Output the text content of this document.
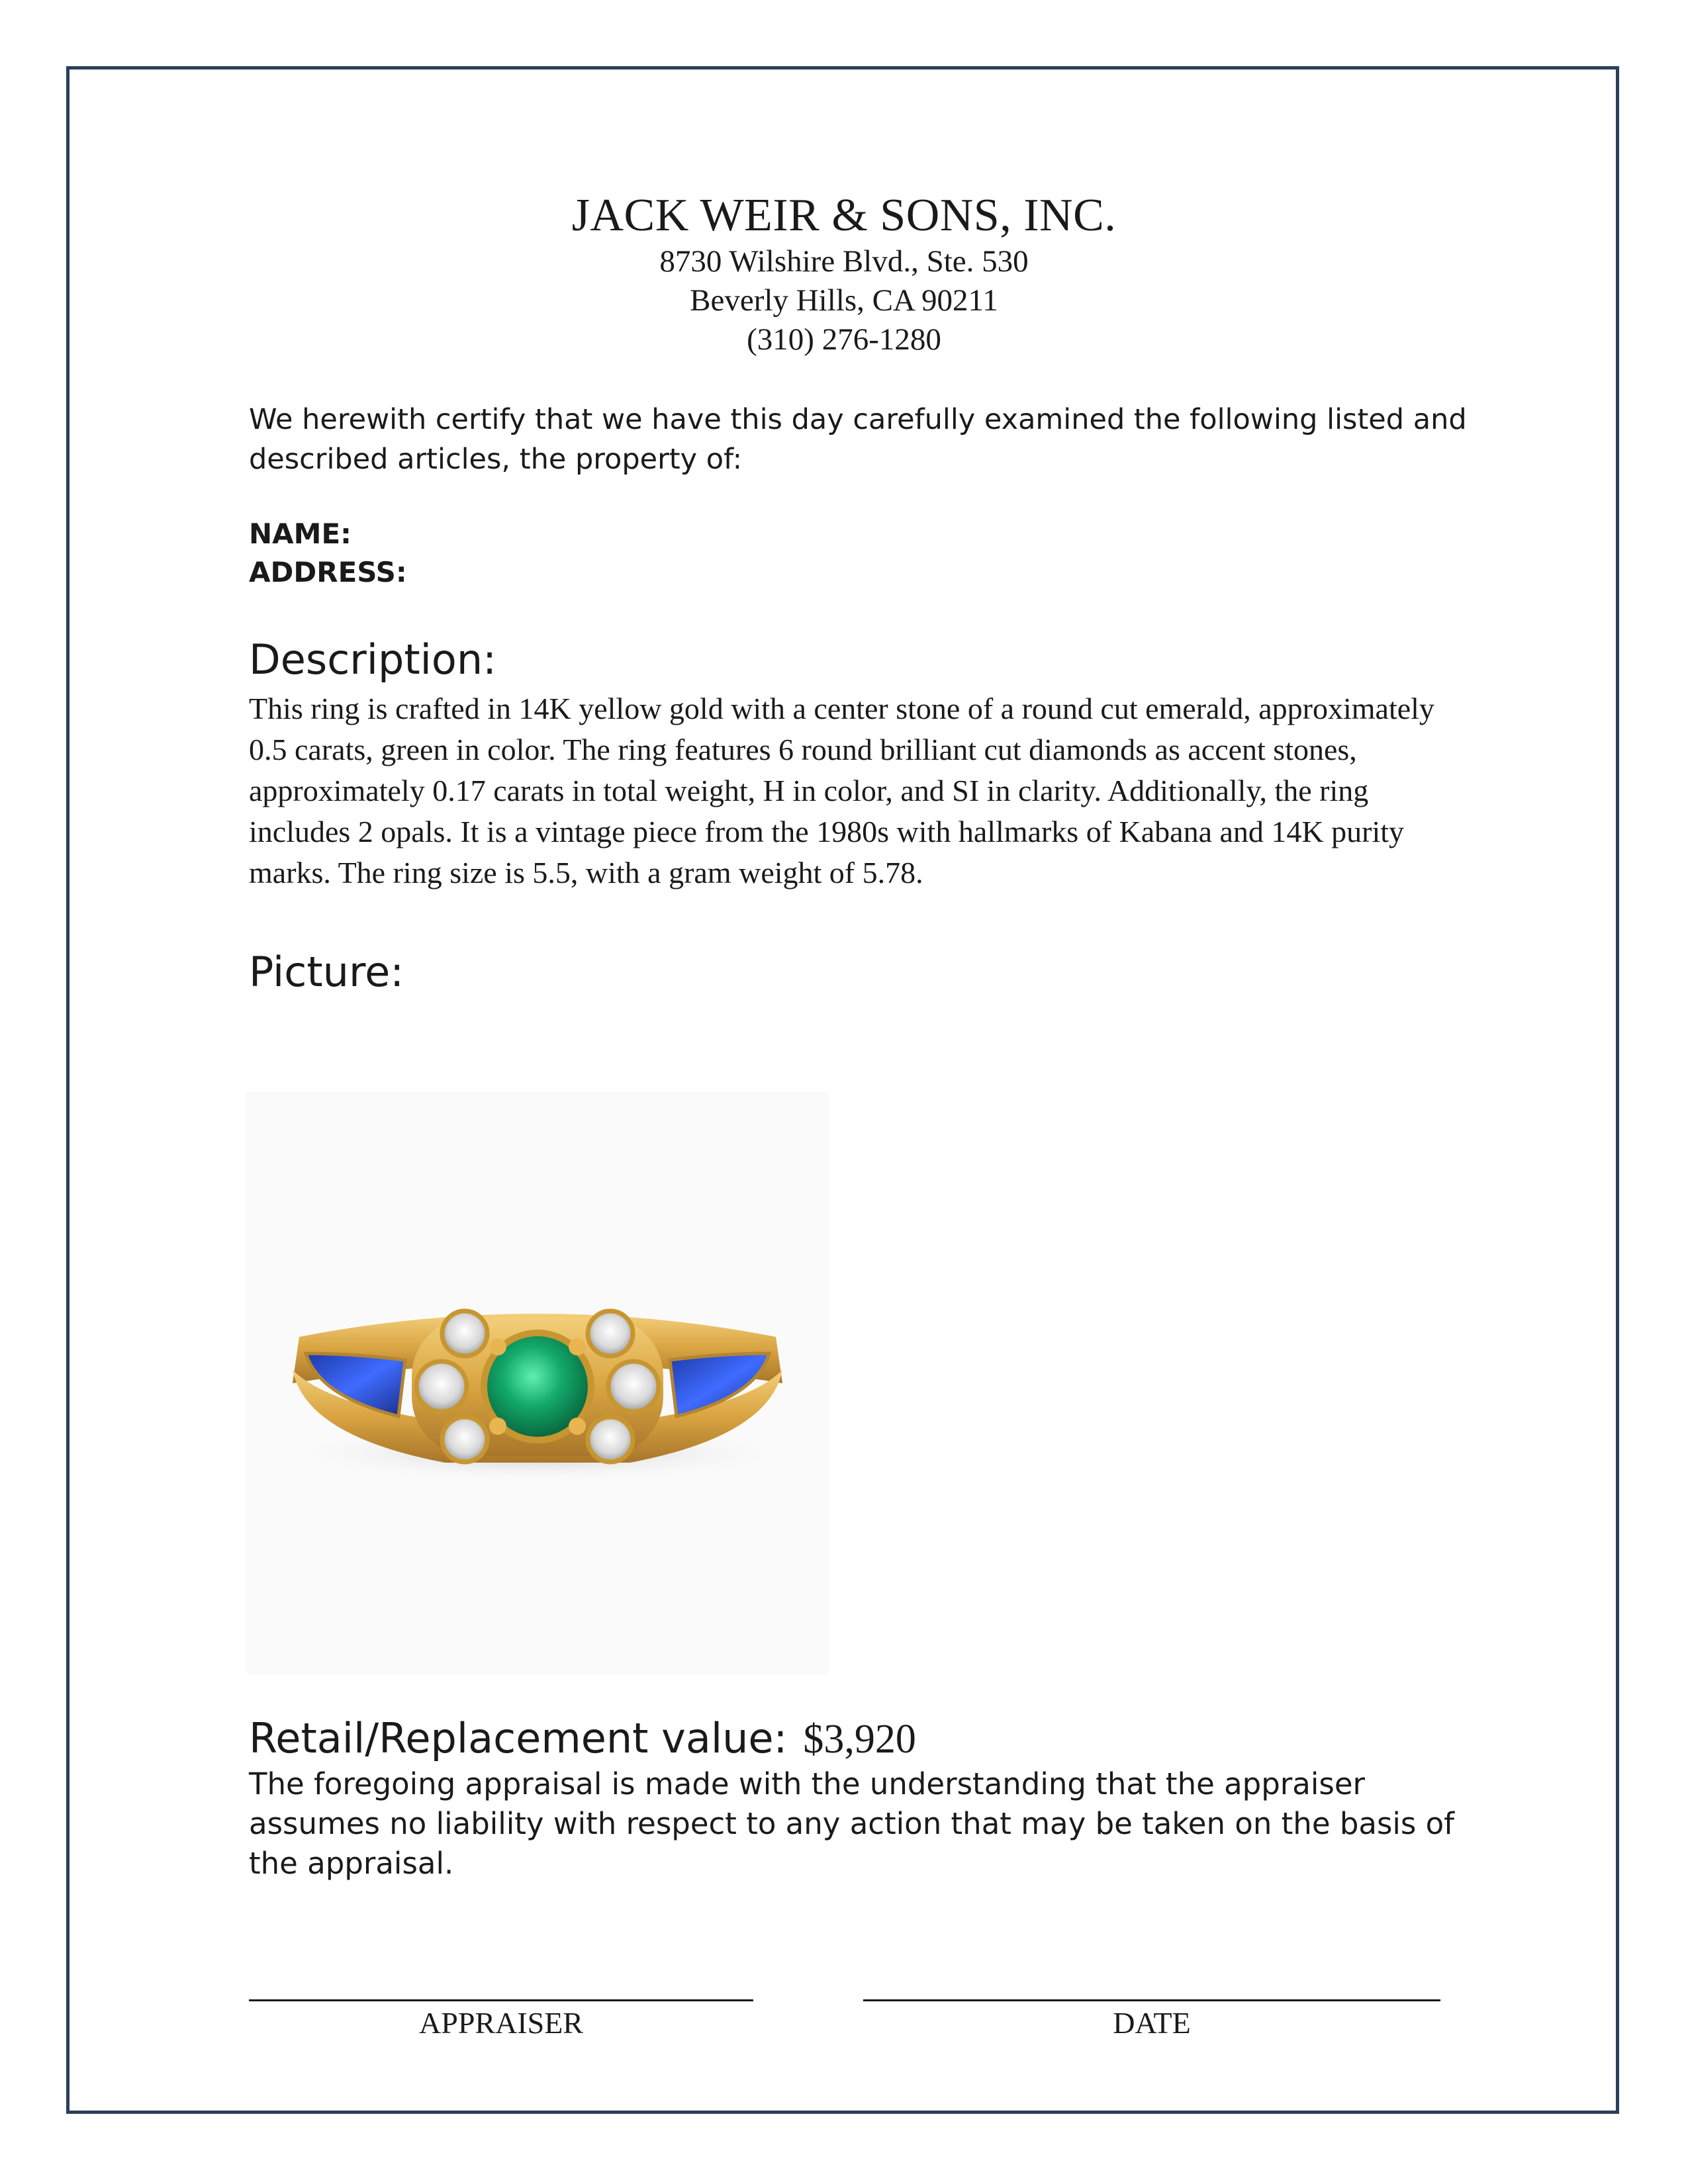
JACK WEIR & SONS, INC.
8730 Wilshire Blvd., Ste. 530
Beverly Hills, CA 90211
(310) 276-1280
We herewith certify that we have this day carefully examined the following listed and described articles, the property of:
NAME:
ADDRESS:
Description:
This ring is crafted in 14K yellow gold with a center stone of a round cut emerald, approximately 0.5 carats, green in color. The ring features 6 round brilliant cut diamonds as accent stones, approximately 0.17 carats in total weight, H in color, and SI in clarity. Additionally, the ring includes 2 opals. It is a vintage piece from the 1980s with hallmarks of Kabana and 14K purity marks. The ring size is 5.5, with a gram weight of 5.78.
Picture:
Retail/Replacement value: $3,920
The foregoing appraisal is made with the understanding that the appraiser assumes no liability with respect to any action that may be taken on the basis of the appraisal.
APPRAISER	DATE
